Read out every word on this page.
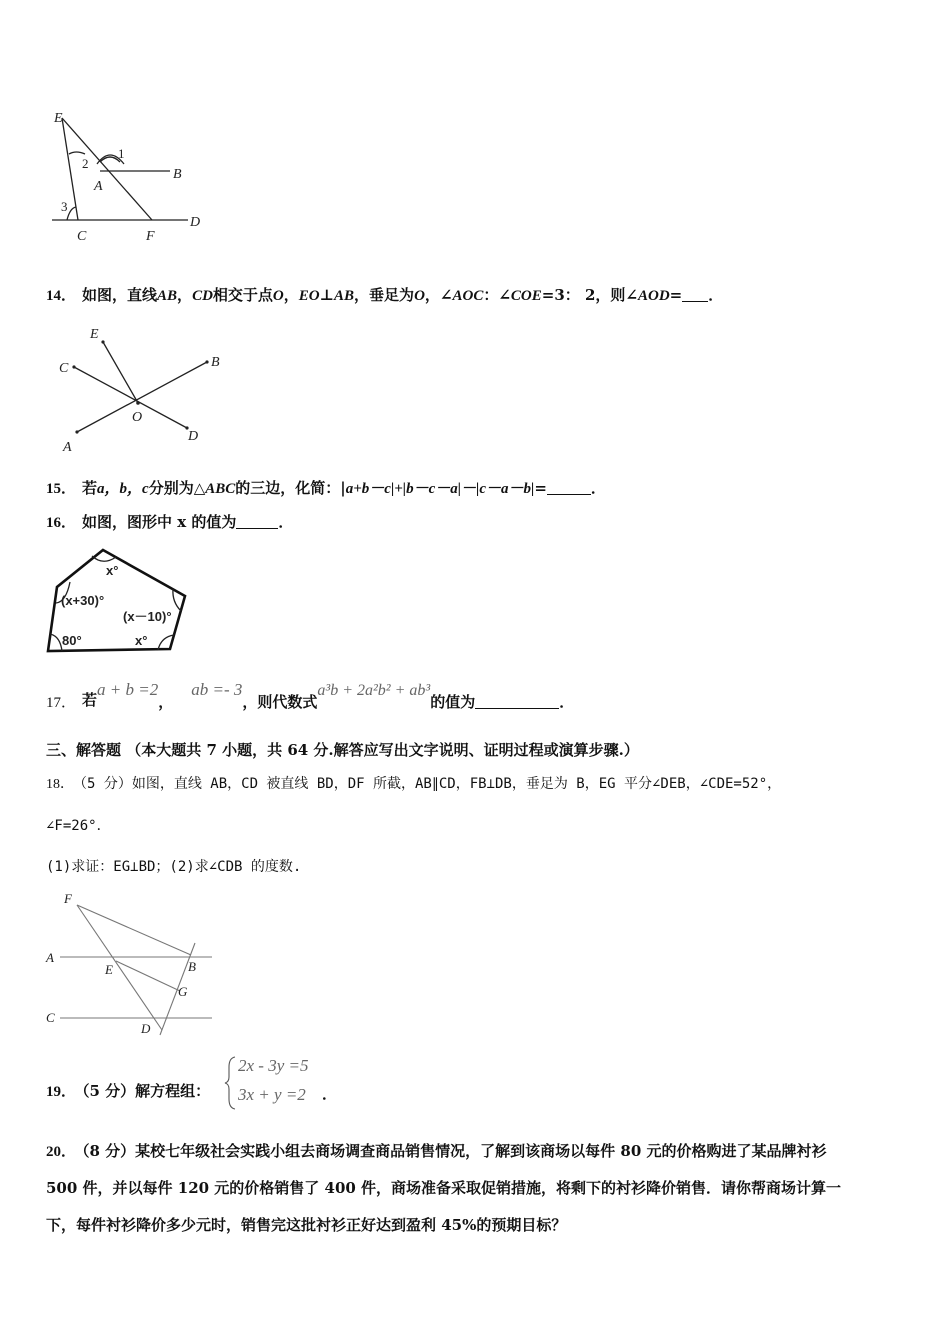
E
B
C	F
D
A
1
2
3
14． 如图，直线AB，CD相交于点O，EO⊥AB，垂足为O，∠AOC：∠COE=3： 2，则∠AOD= ．
E
B
C
O
A
D
15． 若a，b，c分别为△ABC的三边，化简：|a+b－c|+|b－c－a|－|c－a－b|=	．
16． 如图，图形中 x 的值为	．
x°
(x+30)°
(x－10)°
80°	x°
17． 若a + b =2，ab =- 3，则代数式a³b + 2a²b² + ab³的值为	．
三、解答题 （本大题共 7 小题，共 64 分.解答应写出文字说明、证明过程或演算步骤.）
18． （5 分）如图，直线 AB，CD 被直线 BD，DF 所截，AB∥CD，FB⊥DB，垂足为 B，EG 平分∠DEB，∠CDE=52°，
∠F=26°．
(1)求证：EG⊥BD；(2)求∠CDB 的度数.
F
A
E	B
G
C
D
19． （5 分）解方程组：
2x - 3y =5
3x + y =2 ．
20． （8 分）某校七年级社会实践小组去商场调查商品销售情况，了解到该商场以每件 80 元的价格购进了某品牌衬衫
500 件，并以每件 120 元的价格销售了 400 件，商场准备采取促销措施，将剩下的衬衫降价销售．请你帮商场计算一
下，每件衬衫降价多少元时，销售完这批衬衫正好达到盈利 45%的预期目标？
